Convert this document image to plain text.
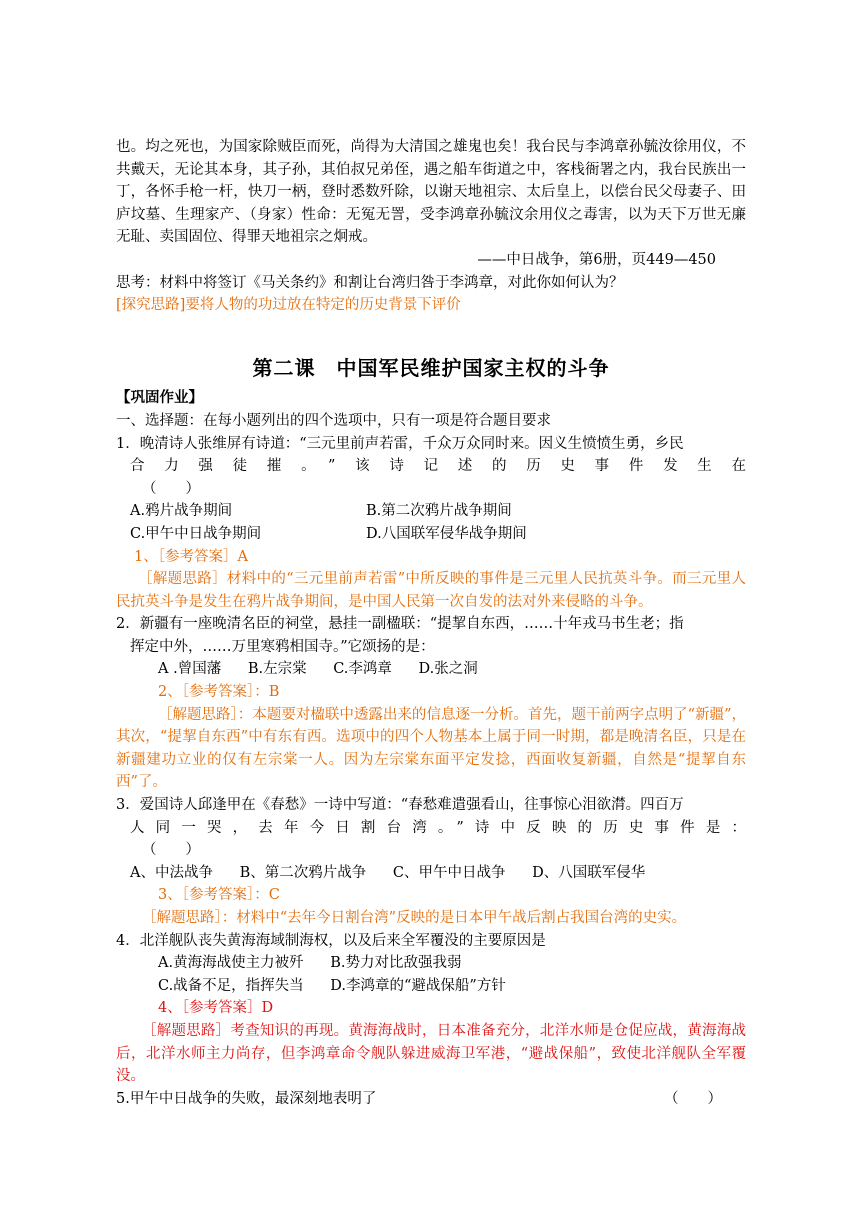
也。均之死也，为国家除贼臣而死，尚得为大清国之雄鬼也矣！我台民与李鸿章孙毓汝徐用仪，不共戴天，无论其本身，其子孙，其伯叔兄弟侄，遇之船车街道之中，客栈衙署之内，我台民族出一丁，各怀手枪一杆，快刀一柄，登时悉数歼除，以谢天地祖宗、太后皇上，以偿台民父母妻子、田庐坟墓、生理家产、（身家）性命：无冤无詈，受李鸿章孙毓汶余用仪之毒害，以为天下万世无廉无耻、卖国固位、得罪天地祖宗之炯戒。

——中日战争，第6册，页449—450

思考：材料中将签订《马关条约》和割让台湾归咎于李鸿章，对此你如何认为？

[探究思路]要将人物的功过放在特定的历史背景下评价

第二课　中国军民维护国家主权的斗争

【巩固作业】

一、选择题：在每小题列出的四个选项中，只有一项是符合题目要求

1．晚清诗人张维屏有诗道：“三元里前声若雷，千众万众同时来。因义生愤愤生勇，乡民

合力强徒摧。”该诗记述的历史事件发生在

（　　）

A.鸦片战争期间	B.第二次鸦片战争期间
C.甲午中日战争期间	D.八国联军侵华战争期间

1、［参考答案］A

［解题思路］材料中的“三元里前声若雷”中所反映的事件是三元里人民抗英斗争。而三元里人民抗英斗争是发生在鸦片战争期间，是中国人民第一次自发的法对外来侵略的斗争。

2．新疆有一座晚清名臣的祠堂，悬挂一副楹联：“提挈自东西，……十年戎马书生老；指

挥定中外，……万里寒鸦相国寺。”它颂扬的是：

A .曾国藩 B.左宗棠 C.李鸿章 D.张之洞

2、［参考答案］：B

［解题思路］：本题要对楹联中透露出来的信息逐一分析。首先，题干前两字点明了“新疆”，其次，“提挈自东西”中有东有西。选项中的四个人物基本上属于同一时期，都是晚清名臣，只是在新疆建功立业的仅有左宗棠一人。因为左宗棠东面平定发捻，西面收复新疆，自然是“提挈自东西”了。

3．爱国诗人邱逢甲在《春愁》一诗中写道：“春愁难遣强看山，往事惊心泪欲潸。四百万

人同一哭，去年今日割台湾。”诗中反映的历史事件是：

（　　）

A、中法战争 B、第二次鸦片战争 C、甲午中日战争 D、八国联军侵华

3、［参考答案］：C

［解题思路］：材料中“去年今日割台湾”反映的是日本甲午战后割占我国台湾的史实。

4．北洋舰队丧失黄海海域制海权，以及后来全军覆没的主要原因是

A.黄海海战使主力被歼 B.势力对比敌强我弱

C.战备不足，指挥失当 D.李鸿章的“避战保船”方针

4、［参考答案］D

［解题思路］考查知识的再现。黄海海战时，日本准备充分，北洋水师是仓促应战，黄海海战后，北洋水师主力尚存，但李鸿章命令舰队躲进威海卫军港，“避战保船”，致使北洋舰队全军覆没。

5.甲午中日战争的失败，最深刻地表明了	（　　）
